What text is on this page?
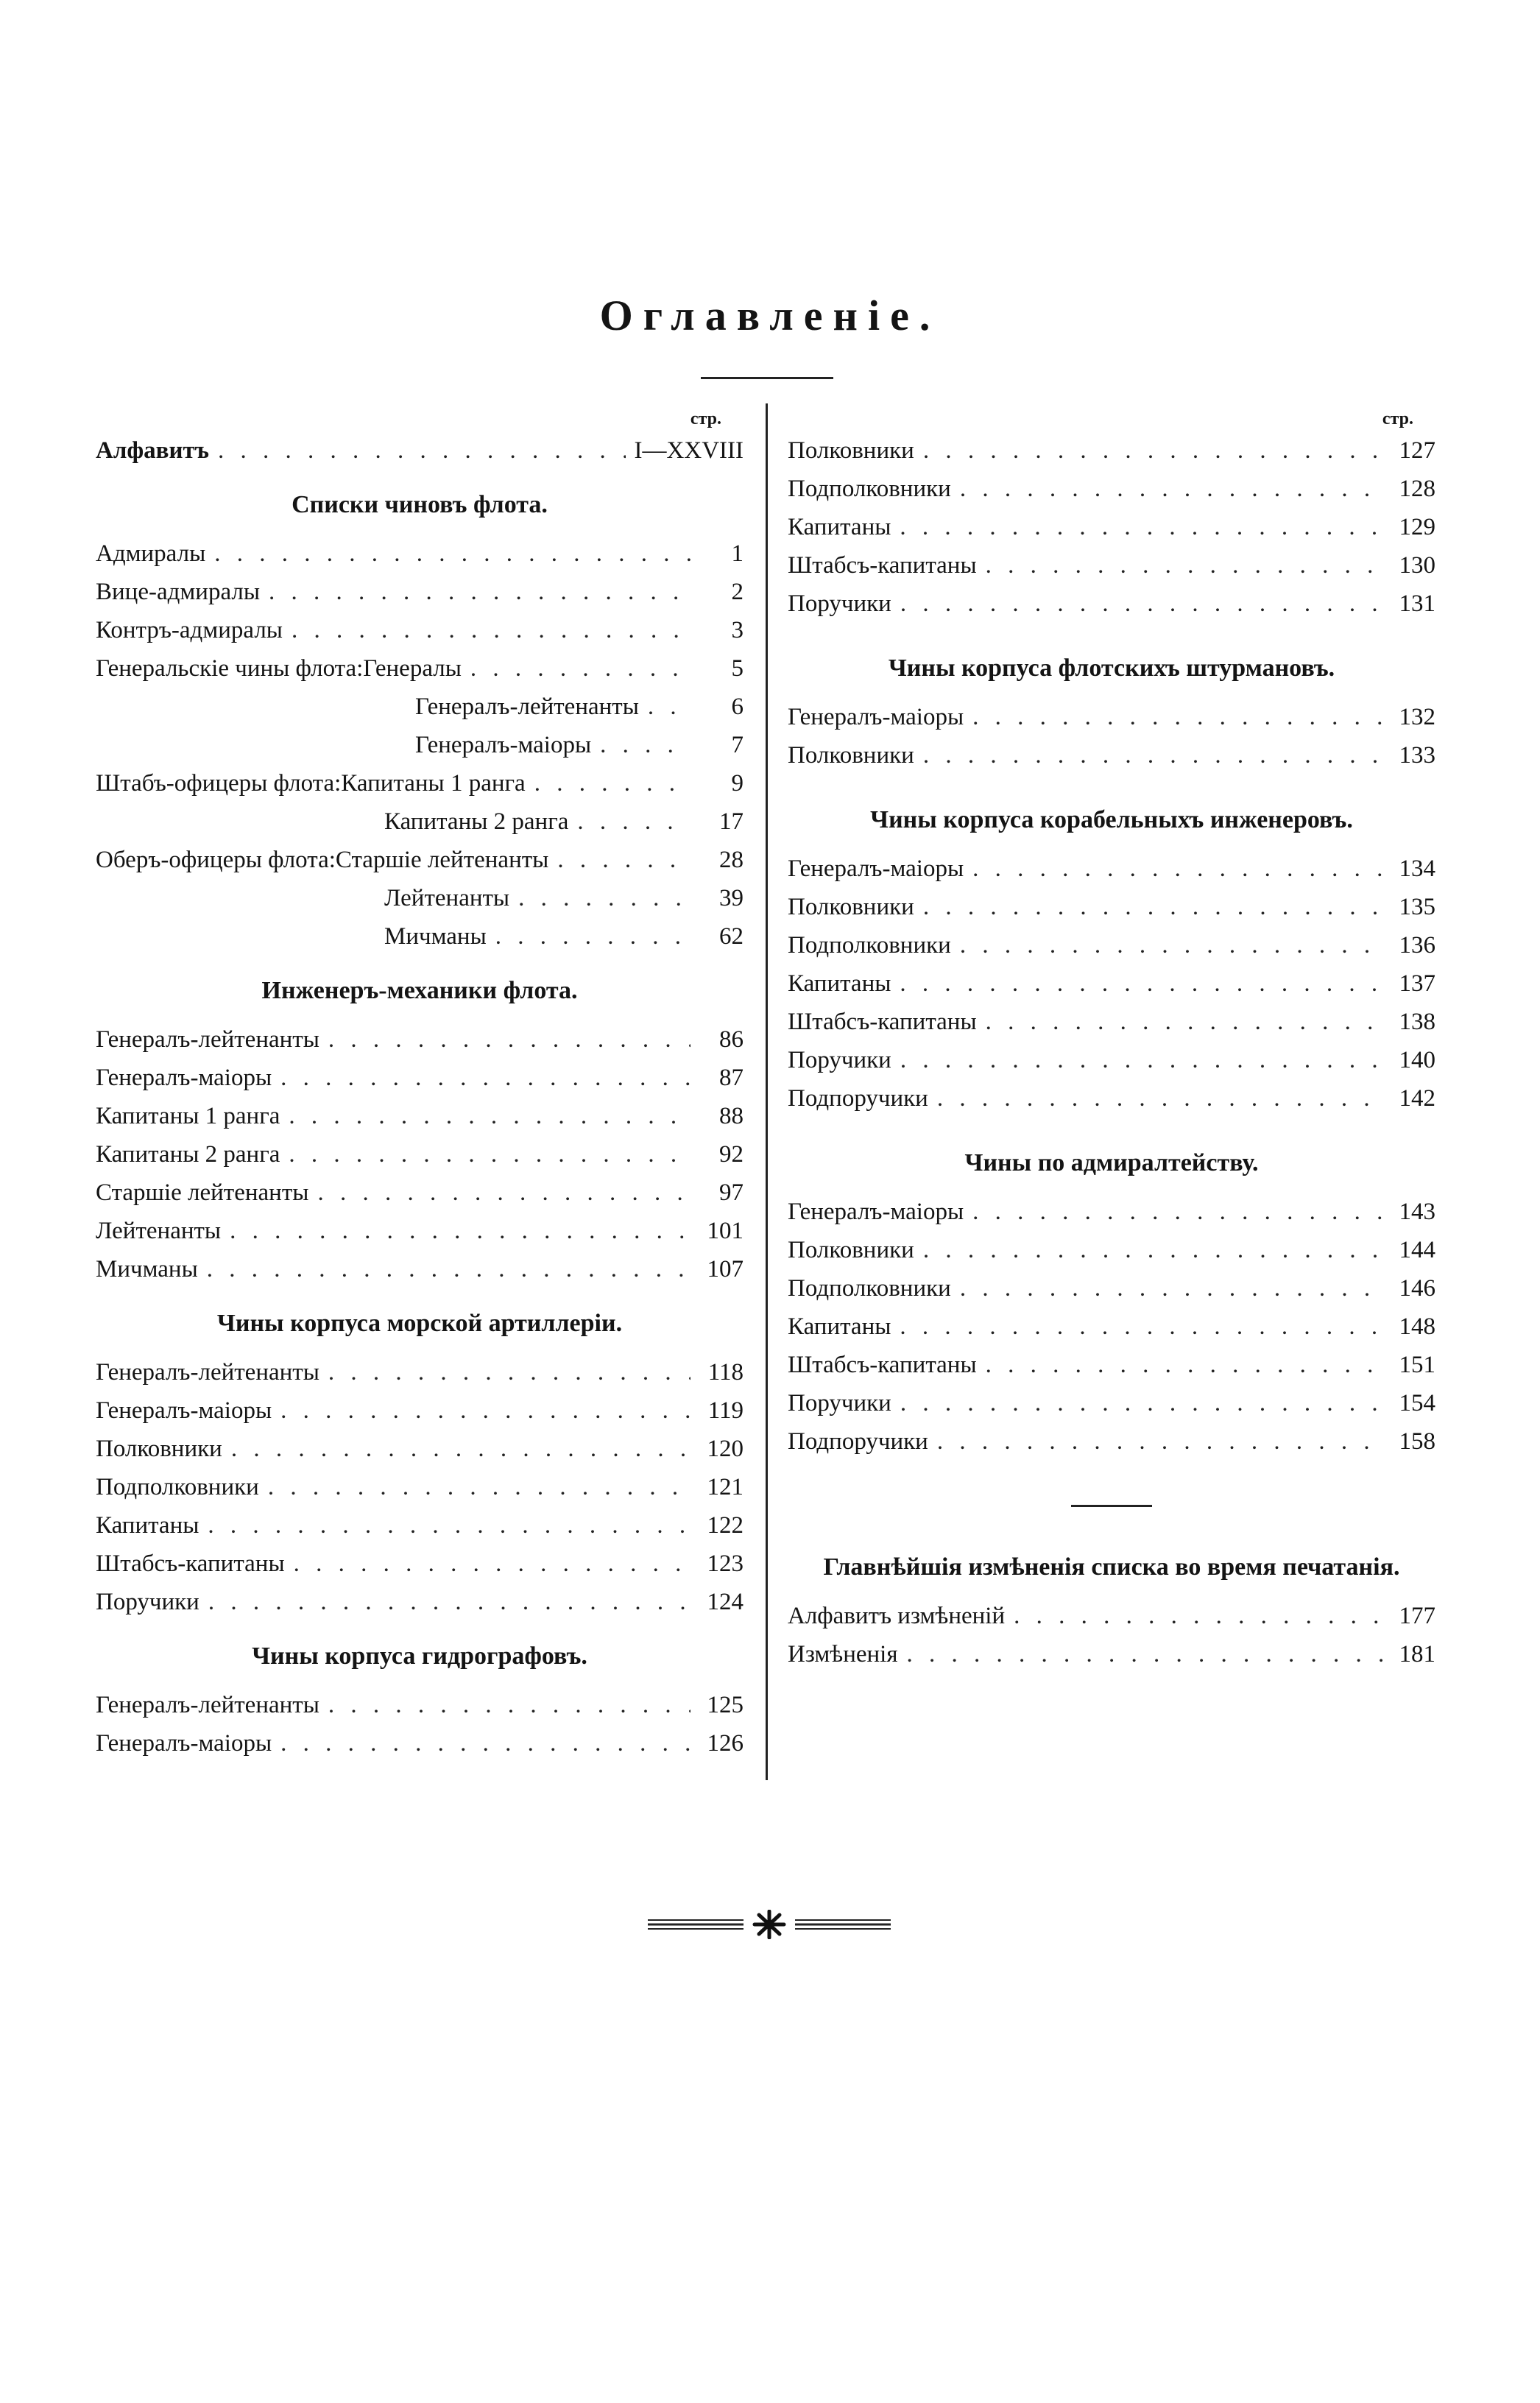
Оглавленіе.
стр.
Алфавитъ . . .	I—XXVIII
Списки чиновъ флота.
Адмиралы . . .	1
Вице-адмиралы . . .	2
Контръ-адмиралы . . .	3
Генеральскіе чины флота: Генералы . . .	5
Генералъ-лейтенанты . . .	6
Генералъ-маіоры . . .	7
Штабъ-офицеры флота: Капитаны 1 ранга . . .	9
Капитаны 2 ранга . . .	17
Оберъ-офицеры флота: Старшіе лейтенанты . . .	28
Лейтенанты . . .	39
Мичманы . . .	62
Инженеръ-механики флота.
Генералъ-лейтенанты . . .	86
Генералъ-маіоры . . .	87
Капитаны 1 ранга . . .	88
Капитаны 2 ранга . . .	92
Старшіе лейтенанты . . .	97
Лейтенанты . . .	101
Мичманы . . .	107
Чины корпуса морской артиллеріи.
Генералъ-лейтенанты . . .	118
Генералъ-маіоры . . .	119
Полковники . . .	120
Подполковники . . .	121
Капитаны . . .	122
Штабсъ-капитаны . . .	123
Поручики . . .	124
Чины корпуса гидрографовъ.
Генералъ-лейтенанты . . .	125
Генералъ-маіоры . . .	126
стр.
Полковники . . .	127
Подполковники . . .	128
Капитаны . . .	129
Штабсъ-капитаны . . .	130
Поручики . . .	131
Чины корпуса флотскихъ штурмановъ.
Генералъ-маіоры . . .	132
Полковники . . .	133
Чины корпуса корабельныхъ инженеровъ.
Генералъ-маіоры . . .	134
Полковники . . .	135
Подполковники . . .	136
Капитаны . . .	137
Штабсъ-капитаны . . .	138
Поручики . . .	140
Подпоручики . . .	142
Чины по адмиралтейству.
Генералъ-маіоры . . .	143
Полковники . . .	144
Подполковники . . .	146
Капитаны . . .	148
Штабсъ-капитаны . . .	151
Поручики . . .	154
Подпоручики . . .	158
Главнѣйшія измѣненія списка во время печатанія.
Алфавитъ измѣненій . . .	177
Измѣненія . . .	181
